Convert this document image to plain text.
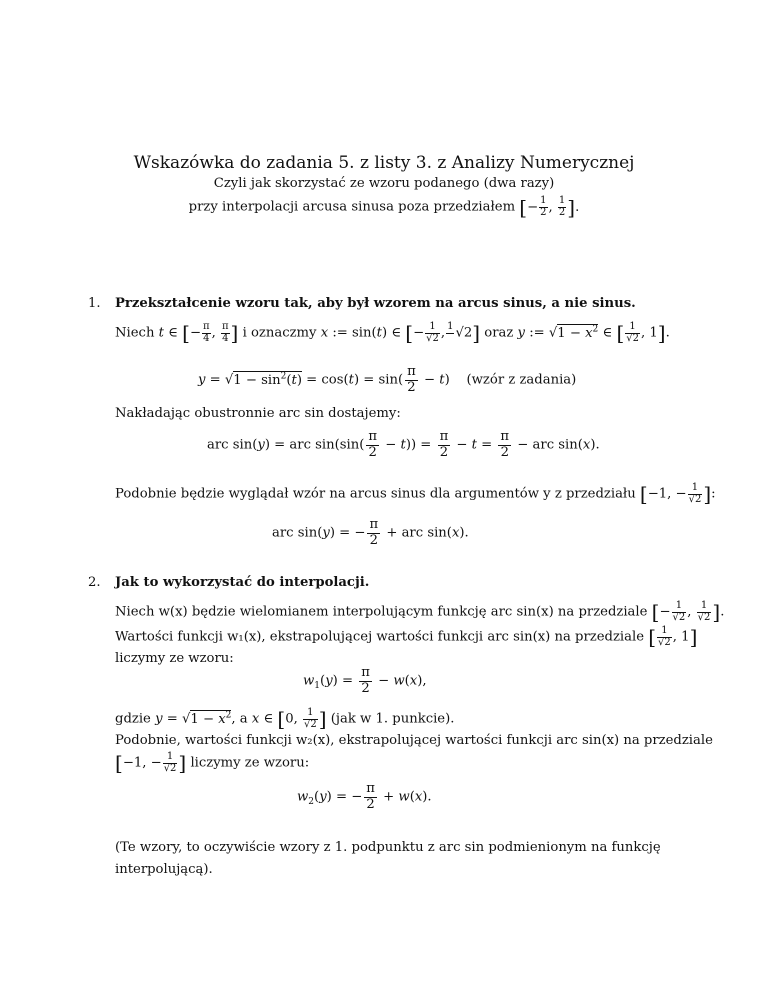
Wskazówka do zadania 5. z listy 3. z Analizy Numerycznej
Czyli jak skorzystać ze wzoru podanego (dwa razy)
przy interpolacji arcusa sinusa poza przedziałem [− $\frac{1}{2}$ , $\frac{1}{2}$ ].
1. Przekształcenie wzoru tak, aby był wzorem na arcus sinus, a nie sinus.
Niech t ∈ [− $\frac{\pi}{4}$ , $\frac{\pi}{4}$ ] i oznaczmy x := sin(t) ∈ [− $\frac{1}{√2}$ , 1
√2] oraz y := $√1 - x^2$ ∈ [ $\frac{1}{√2}$ , 1].
$y = √1 - \sin^2(t) = \cos(t) = \sin( \frac{\pi}{2} - t)$    (wzór z zadania)
Nakładając obustronnie arc sin dostajemy:
arc sin(y) = arc $\sin(\sin( \frac{\pi}{2} - t)) = \frac{\pi}{2} - t = \frac{\pi}{2}$ − arc sin(x).
Podobnie będzie wyglądał wzór na arcus sinus dla argumentów y z przedziału [−1, − $\frac{1}{√2}$ ]:
arc sin(y) = − $\frac{\pi}{2}$ + arc sin(x).
2. Jak to wykorzystać do interpolacji.
Niech w(x) będzie wielomianem interpolującym funkcję arc sin(x) na przedziale [− $\frac{1}{√2}$ , $\frac{1}{√2}$ ].
Wartości funkcji w₁(x), ekstrapolującej wartości funkcji arc sin(x) na przedziale [ $\frac{1}{√2}$ , 1]
liczymy ze wzoru:
$w_1(y) = \frac{\pi}{2} - w(x)$,
gdzie $y = √1 - x^2$, a x ∈ [0, $\frac{1}{√2}$ ] (jak w 1. punkcie).
Podobnie, wartości funkcji w₂(x), ekstrapolującej wartości funkcji arc sin(x) na przedziale
[−1, − $\frac{1}{√2}$ ] liczymy ze wzoru:
$w_2(y)$ = − $\frac{\pi}{2} + w(x)$.
(Te wzory, to oczywiście wzory z 1. podpunktu z arc sin podmienionym na funkcję
interpolującą).
